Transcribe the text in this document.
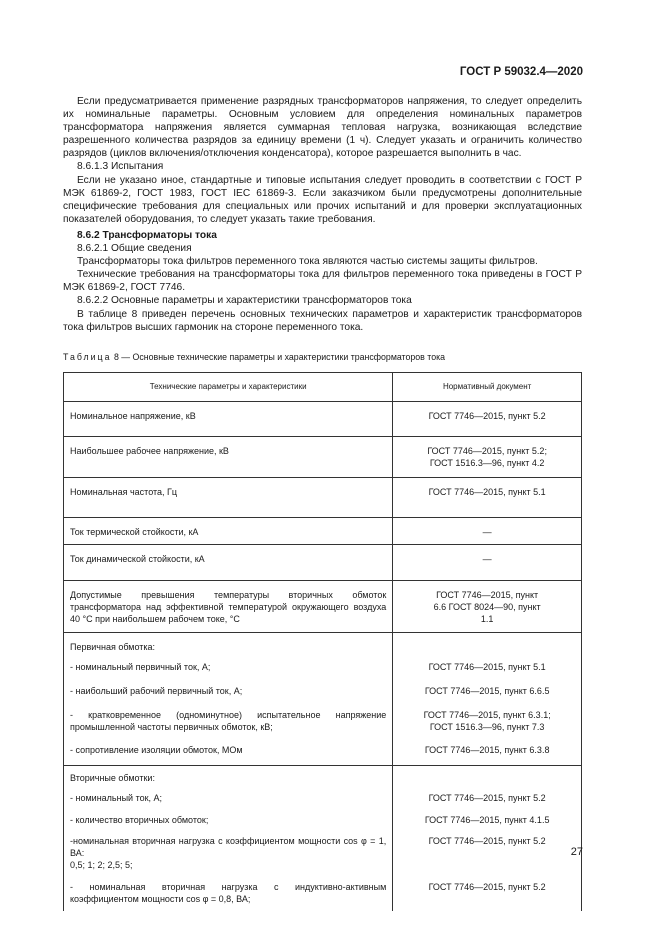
ГОСТ Р 59032.4—2020

Если предусматривается применение разрядных трансформаторов напряжения, то следует определить их номинальные параметры. Основным условием для определения номинальных параметров трансформатора напряжения является суммарная тепловая нагрузка, возникающая вследствие разрешенного количества разрядов за единицу времени (1 ч). Следует указать и ограничить количество разрядов (циклов включения/отключения конденсатора), которое разрешается выполнить в час.

8.6.1.3 Испытания

Если не указано иное, стандартные и типовые испытания следует проводить в соответствии с ГОСТ Р МЭК 61869-2, ГОСТ 1983, ГОСТ IEC 61869-3. Если заказчиком были предусмотрены дополнительные специфические требования для специальных или прочих испытаний и для проверки эксплуатационных показателей оборудования, то следует указать такие требования.

8.6.2 Трансформаторы тока

8.6.2.1 Общие сведения

Трансформаторы тока фильтров переменного тока являются частью системы защиты фильтров.

Технические требования на трансформаторы тока для фильтров переменного тока приведены в ГОСТ Р МЭК 61869-2, ГОСТ 7746.

8.6.2.2 Основные параметры и характеристики трансформаторов тока

В таблице 8 приведен перечень основных технических параметров и характеристик трансформаторов тока фильтров высших гармоник на стороне переменного тока.

Таблица 8 — Основные технические параметры и характеристики трансформаторов тока
Технические параметры и характеристики	Нормативный документ
Номинальное напряжение, кВ	ГОСТ 7746—2015, пункт 5.2
Наибольшее рабочее напряжение, кВ	ГОСТ 7746—2015, пункт 5.2; ГОСТ 1516.3—96, пункт 4.2
Номинальная частота, Гц	ГОСТ 7746—2015, пункт 5.1
Ток термической стойкости, кА	—
Ток динамической стойкости, кА	—
Допустимые превышения температуры вторичных обмоток трансформатора над эффективной температурой окружающего воздуха 40 °С при наибольшем рабочем токе, °С	ГОСТ 7746—2015, пункт 6.6 ГОСТ 8024—90, пункт 1.1
Первичная обмотка:	
- номинальный первичный ток, А;	ГОСТ 7746—2015, пункт 5.1
- наибольший рабочий первичный ток, А;	ГОСТ 7746—2015, пункт 6.6.5
- кратковременное (одноминутное) испытательное напряжение промышленной частоты первичных обмоток, кВ;	ГОСТ 7746—2015, пункт 6.3.1; ГОСТ 1516.3—96, пункт 7.3
- сопротивление изоляции обмоток, МОм	ГОСТ 7746—2015, пункт 6.3.8
Вторичные обмотки:	
- номинальный ток, А;	ГОСТ 7746—2015, пункт 5.2
- количество вторичных обмоток;	ГОСТ 7746—2015, пункт 4.1.5
-номинальная вторичная нагрузка с коэффициентом мощности cos φ = 1, ВА:	ГОСТ 7746—2015, пункт 5.2
0,5; 1; 2; 2,5; 5;	
- номинальная вторичная нагрузка с индуктивно-активным коэффициентом мощности cos φ = 0,8, ВА;	ГОСТ 7746—2015, пункт 5.2
27
